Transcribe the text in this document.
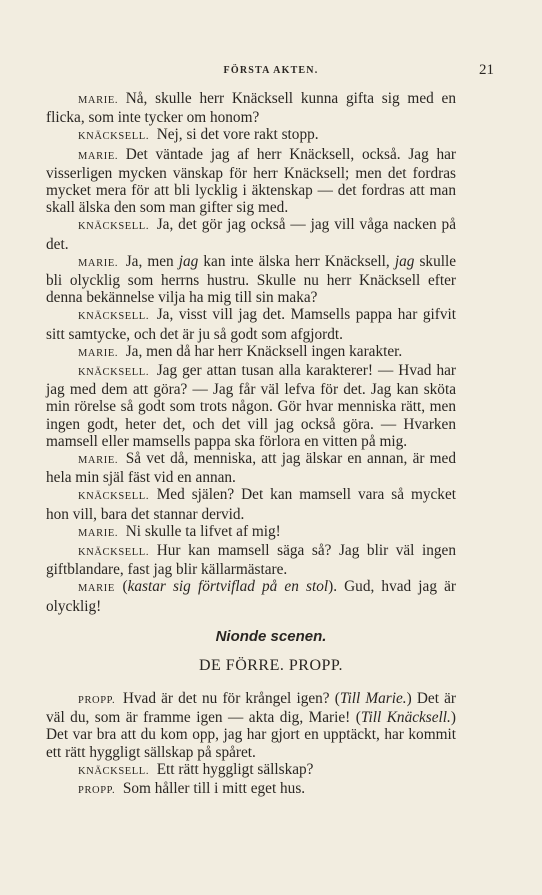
FÖRSTA AKTEN.	21
MARIE.  Nå, skulle herr Knäcksell kunna gifta sig med en flicka, som inte tycker om honom?
KNÄCKSELL.  Nej, si det vore rakt stopp.
MARIE.  Det väntade jag af herr Knäcksell, också. Jag har visserligen mycken vänskap för herr Knäcksell; men det fordras mycket mera för att bli lycklig i äktenskap — det fordras att man skall älska den som man gifter sig med.
KNÄCKSELL.  Ja, det gör jag också — jag vill våga nacken på det.
MARIE.  Ja, men jag kan inte älska herr Knäcksell, jag skulle bli olycklig som herrns hustru. Skulle nu herr Knäcksell efter denna bekännelse vilja ha mig till sin maka?
KNÄCKSELL.  Ja, visst vill jag det. Mamsells pappa har gifvit sitt samtycke, och det är ju så godt som afgjordt.
MARIE.  Ja, men då har herr Knäcksell ingen karakter.
KNÄCKSELL.  Jag ger attan tusan alla karakterer! — Hvad har jag med dem att göra? — Jag får väl lefva för det. Jag kan sköta min rörelse så godt som trots någon. Gör hvar menniska rätt, men ingen godt, heter det, och det vill jag också göra. — Hvarken mamsell eller mamsells pappa ska förlora en vitten på mig.
MARIE.  Så vet då, menniska, att jag älskar en annan, är med hela min själ fäst vid en annan.
KNÄCKSELL.  Med själen? Det kan mamsell vara så mycket hon vill, bara det stannar dervid.
MARIE.  Ni skulle ta lifvet af mig!
KNÄCKSELL.  Hur kan mamsell säga så? Jag blir väl ingen giftblandare, fast jag blir källarmästare.
MARIE  (kastar sig förtviflad på en stol). Gud, hvad jag är olycklig!
Nionde scenen.
DE FÖRRE. PROPP.
PROPP.  Hvad är det nu för krångel igen? (Till Marie.) Det är väl du, som är framme igen — akta dig, Marie! (Till Knäcksell.) Det var bra att du kom opp, jag har gjort en upptäckt, har kommit ett rätt hyggligt sällskap på spåret.
KNÄCKSELL.  Ett rätt hyggligt sällskap?
PROPP.  Som håller till i mitt eget hus.
